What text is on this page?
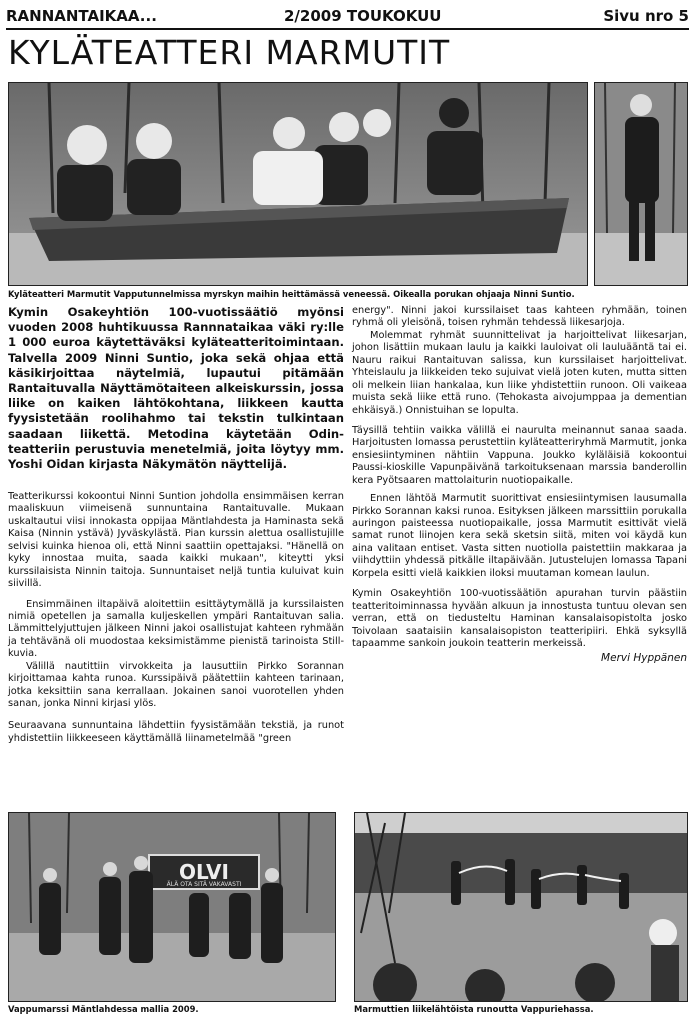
RANNANTAIKAA...	2/2009 TOUKOKUU	Sivu nro 5
KYLÄTEATTERI MARMUTIT
Kyläteatteri Marmutit Vapputunnelmissa myrskyn maihin heittämässä veneessä. Oikealla porukan ohjaaja Ninni Suntio.
Kymin Osakeyhtiön 100-vuotissäätiö myönsi vuoden 2008 huhtikuussa Rannnataikaa väki ry:lle 1 000 euroa käytettäväksi kyläteatteritoimintaan. Talvella 2009 Ninni Suntio, joka sekä ohjaa että käsikirjoittaa näytelmiä, lupautui pitämään Rantaituvalla Näyttämötaiteen alkeiskurssin, jossa liike on kaiken lähtökohtana, liikkeen kautta fyysistetään roolihahmo tai tekstin tulkintaan saadaan liikettä. Metodina käytetään Odin-teatteriin perustuvia menetelmiä, joita löytyy mm. Yoshi Oidan kirjasta Näkymätön näyttelijä.

Teatterikurssi kokoontui Ninni Suntion johdolla ensimmäisen kerran maaliskuun viimeisenä sunnuntaina Rantaituvalle. Mukaan uskaltautui viisi innokasta oppijaa Mäntlahdesta ja Haminasta sekä Kaisa (Ninnin ystävä) Jyväskylästä. Pian kurssin alettua osallistujille selvisi kuinka hienoa oli, että Ninni saattiin opettajaksi. "Hänellä on kyky innostaa muita, saada kaikki mukaan", kiteytti yksi kurssilaisista Ninnin taitoja. Sunnuntaiset neljä tuntia kuluivat kuin siivillä.

Ensimmäinen iltapäivä aloitettiin esittäytymällä ja kurssilaisten nimiä opetellen ja samalla kuljeskellen ympäri Rantaituvan salia. Lämmittelyjuttujen jälkeen Ninni jakoi osallistujat kahteen ryhmään ja tehtävänä oli muodostaa keksimistämme pienistä tarinoista Still-kuvia.

Välillä nautittiin virvokkeita ja lausuttiin Pirkko Sorannan kirjoittamaa kahta runoa. Kurssipäivä päätettiin kahteen tarinaan, jotka keksittiin sana kerrallaan. Jokainen sanoi vuorotellen yhden sanan, jonka Ninni kirjasi ylös.

Seuraavana sunnuntaina lähdettiin fyysistämään tekstiä, ja runot yhdistettiin liikkeeseen käyttämällä liinametelmää "green

energy". Ninni jakoi kurssilaiset taas kahteen ryhmään, toinen ryhmä oli yleisönä, toisen ryhmän tehdessä liikesarjoja.

Molemmat ryhmät suunnittelivat ja harjoittelivat liikesarjan, johon lisättiin mukaan laulu ja kaikki lauloivat oli lauluääntä tai ei. Nauru raikui Rantaituvan salissa, kun kurssilaiset harjoittelivat. Yhteislaulu ja liikkeiden teko sujuivat vielä joten kuten, mutta sitten oli melkein liian hankalaa, kun liike yhdistettiin runoon. Oli vaikeaa muista sekä liike että runo. (Tehokasta aivojumppaa ja dementian ehkäisyä.) Onnistuihan se lopulta.

Täysillä tehtiin vaikka välillä ei naurulta meinannut sanaa saada. Harjoitusten lomassa perustettiin kyläteatteriryhmä Marmutit, jonka ensiesiintyminen nähtiin Vappuna. Joukko kyläläisiä kokoontui Paussi-kioskille Vapunpäivänä tarkoituksenaan marssia banderollin kera Pyötsaaren mattolaiturin nuotiopaikalle.

Ennen lähtöä Marmutit suorittivat ensiesiintymisen lausumalla Pirkko Sorannan kaksi runoa. Esityksen jälkeen marssittiin porukalla auringon paisteessa nuotiopaikalle, jossa Marmutit esittivät vielä samat runot liinojen kera sekä sketsin siitä, miten voi käydä kun aina valitaan entiset. Vasta sitten nuotiolla paistettiin makkaraa ja viihdyttiin yhdessä pitkälle iltapäivään. Jutustelujen lomassa Tapani Korpela esitti vielä kaikkien iloksi muutaman komean laulun.

Kymin Osakeyhtiön 100-vuotissäätiön apurahan turvin päästiin teatteritoiminnassa hyvään alkuun ja innostusta tuntuu olevan sen verran, että on tiedusteltu Haminan kansalaisopistolta josko Toivolaan saataisiin kansalaisopiston teatteripiiri. Ehkä syksyllä tapaamme sankoin joukoin teatterin merkeissä.

Mervi Hyppänen
OLVI
ÄLÄ OTA SITÄ VAKAVASTI
Vappumarssi Mäntlahdessa mallia 2009.	Marmuttien liikelähtöista runoutta Vappuriehassa.
